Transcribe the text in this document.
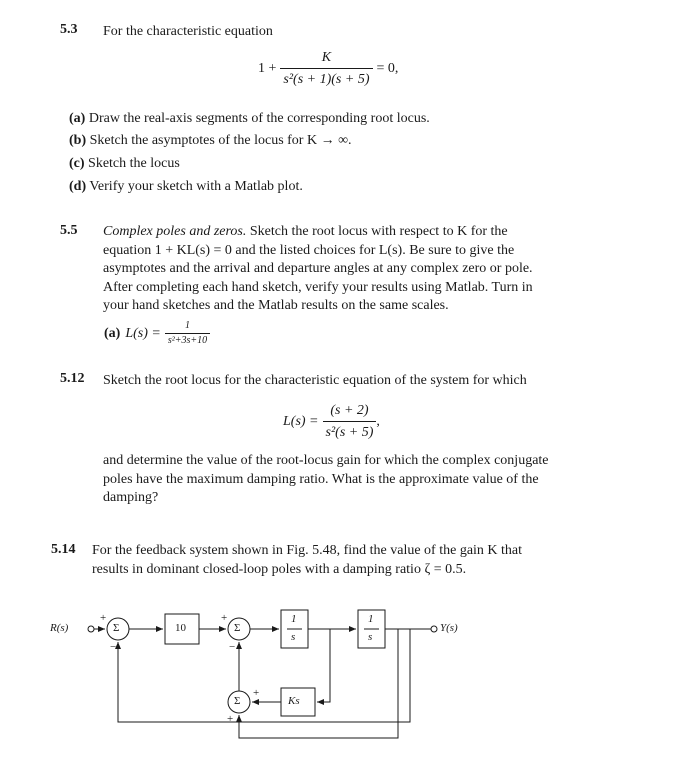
5.3 For the characteristic equation
$1 + \frac{K}{\text{s²(s + 1)(s + 5)}} = 0$,
(a) Draw the real-axis segments of the corresponding root locus.
(b) Sketch the asymptotes of the locus for K → ∞.
(c) Sketch the locus
(d) Verify your sketch with a Matlab plot.
5.5 Complex poles and zeros. Sketch the root locus with respect to K for the
equation 1 + KL(s) = 0 and the listed choices for L(s). Be sure to give the
asymptotes and the arrival and departure angles at any complex zero or pole.
After completing each hand sketch, verify your results using Matlab. Turn in
your hand sketches and the Matlab results on the same scales.
(a) $L(s) = \frac{1}{\text{s²+3s+10}}$
5.12 Sketch the root locus for the characteristic equation of the system for which
$L(s) = \frac{(s + 2)}{\text{s²(s + 5)}}$ ,
and determine the value of the root-locus gain for which the complex conjugate
poles have the maximum damping ratio. What is the approximate value of the
damping?
5.14 For the feedback system shown in Fig. 5.48, find the value of the gain K that
results in dominant closed-loop poles with a damping ratio ζ = 0.5.
R(s)	Y(s)
Σ	Σ
Σ
10
1
s
1
s
Ks
+
−
+
−
+
+
